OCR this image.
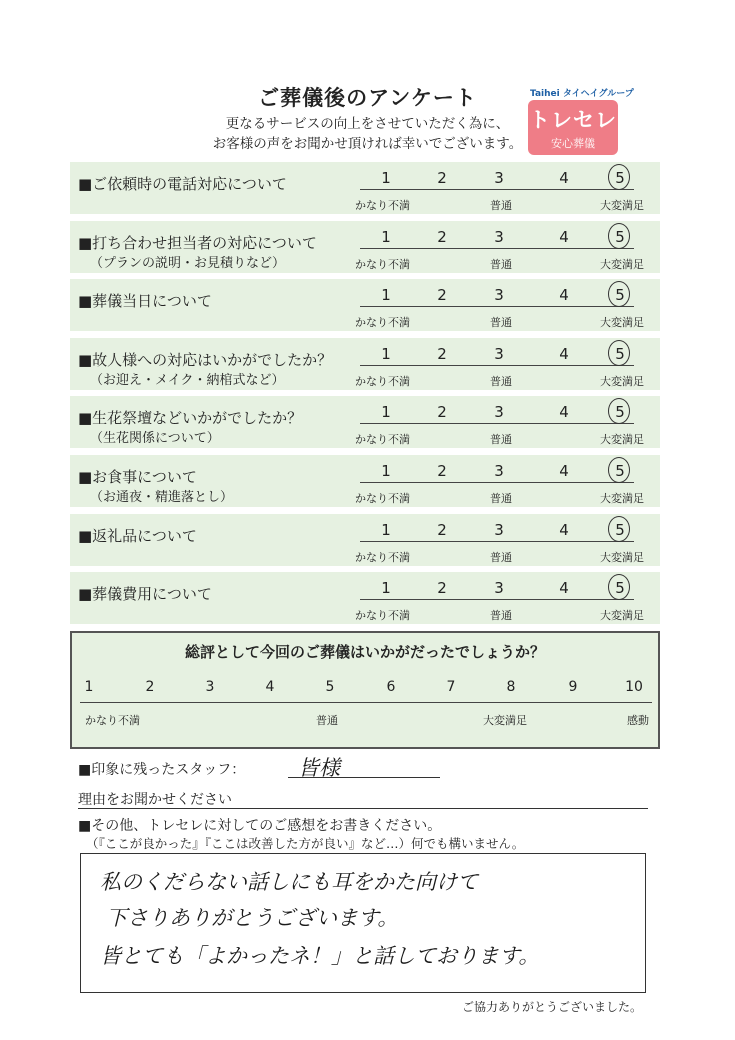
ご葬儀後のアンケート
更なるサービスの向上をさせていただく為に、
お客様の声をお聞かせ頂ければ幸いでございます。
Taihei タイヘイグループ
トレセレ
安心葬儀
■ご依頼時の電話対応について	1	2	3	4	5
かなり不満	普通	大変満足
■打ち合わせ担当者の対応について
（プランの説明・お見積りなど）
1	2	3	4	5
かなり不満	普通	大変満足
■葬儀当日について	1	2	3	4	5
かなり不満	普通	大変満足
■故人様への対応はいかがでしたか？
（お迎え・メイク・納棺式など）
1	2	3	4	5
かなり不満	普通	大変満足
■生花祭壇などいかがでしたか？
（生花関係について）
1	2	3	4	5
かなり不満	普通	大変満足
■お食事について
（お通夜・精進落とし）
1	2	3	4	5
かなり不満	普通	大変満足
■返礼品について	1	2	3	4	5
かなり不満	普通	大変満足
■葬儀費用について	1	2	3	4	5
かなり不満	普通	大変満足
総評として今回のご葬儀はいかがだったでしょうか？
1	2	3	4	5	6	7	8	9	10
かなり不満	普通	大変満足	感動
■印象に残ったスタッフ：	皆様
理由をお聞かせください
■その他、トレセレに対してのご感想をお書きください。
（『ここが良かった』『ここは改善した方が良い』など…）何でも構いません。
私のくだらない話しにも耳をかた向けて
下さりありがとうございます。
皆とても「よかったネ！」と話しております。
ご協力ありがとうございました。
